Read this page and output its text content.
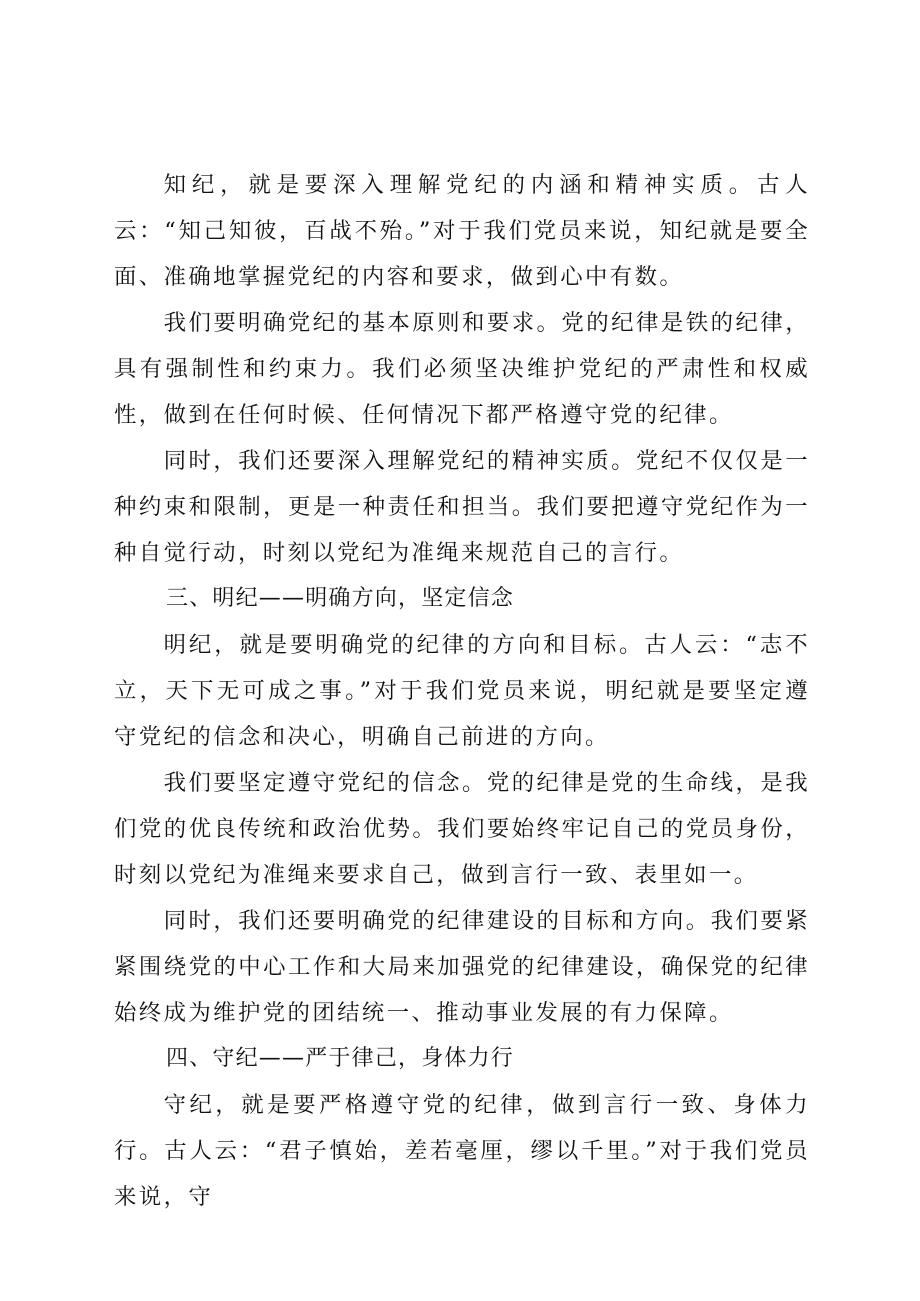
知纪，就是要深入理解党纪的内涵和精神实质。古人云：“知己知彼，百战不殆。”对于我们党员来说，知纪就是要全面、准确地掌握党纪的内容和要求，做到心中有数。

我们要明确党纪的基本原则和要求。党的纪律是铁的纪律，具有强制性和约束力。我们必须坚决维护党纪的严肃性和权威性，做到在任何时候、任何情况下都严格遵守党的纪律。

同时，我们还要深入理解党纪的精神实质。党纪不仅仅是一种约束和限制，更是一种责任和担当。我们要把遵守党纪作为一种自觉行动，时刻以党纪为准绳来规范自己的言行。

三、明纪——明确方向，坚定信念

明纪，就是要明确党的纪律的方向和目标。古人云：“志不立，天下无可成之事。”对于我们党员来说，明纪就是要坚定遵守党纪的信念和决心，明确自己前进的方向。

我们要坚定遵守党纪的信念。党的纪律是党的生命线，是我们党的优良传统和政治优势。我们要始终牢记自己的党员身份，时刻以党纪为准绳来要求自己，做到言行一致、表里如一。

同时，我们还要明确党的纪律建设的目标和方向。我们要紧紧围绕党的中心工作和大局来加强党的纪律建设，确保党的纪律始终成为维护党的团结统一、推动事业发展的有力保障。

四、守纪——严于律己，身体力行

守纪，就是要严格遵守党的纪律，做到言行一致、身体力行。古人云：“君子慎始，差若毫厘，缪以千里。”对于我们党员来说，守
